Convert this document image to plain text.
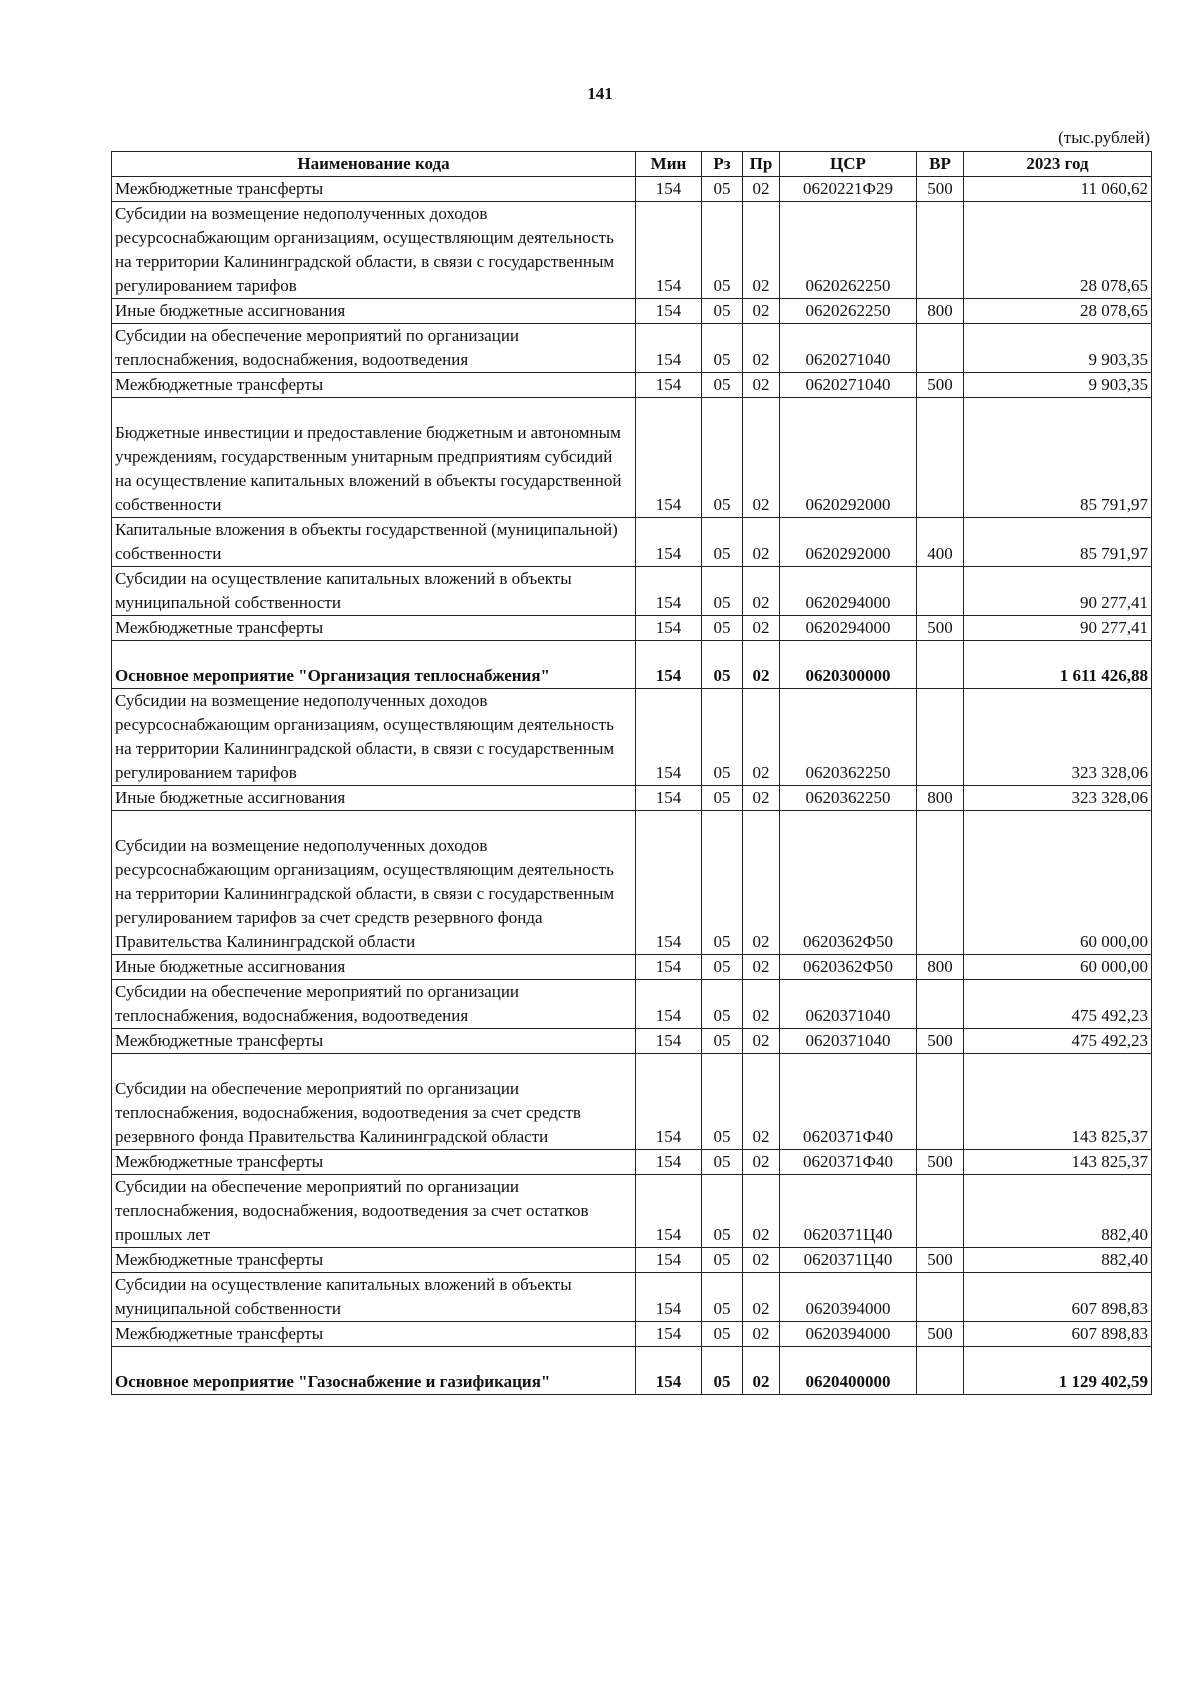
141
(тыс.рублей)
Наименование кода	Мин	Рз	Пр	ЦСР	ВР	2023 год
Межбюджетные трансферты	154	05	02	0620221Ф29	500	11 060,62
Субсидии на возмещение недополученных доходов ресурсоснабжающим организациям, осуществляющим деятельность на территории Калининградской области, в связи с государственным регулированием тарифов	154	05	02	0620262250		28 078,65
Иные бюджетные ассигнования	154	05	02	0620262250	800	28 078,65
Субсидии на обеспечение мероприятий по организации теплоснабжения, водоснабжения, водоотведения	154	05	02	0620271040		9 903,35
Межбюджетные трансферты	154	05	02	0620271040	500	9 903,35
Бюджетные инвестиции и предоставление бюджетным и автономным учреждениям, государственным унитарным предприятиям субсидий на осуществление капитальных вложений в объекты государственной собственности	154	05	02	0620292000		85 791,97
Капитальные вложения в объекты государственной (муниципальной) собственности	154	05	02	0620292000	400	85 791,97
Субсидии на осуществление капитальных вложений в объекты муниципальной собственности	154	05	02	0620294000		90 277,41
Межбюджетные трансферты	154	05	02	0620294000	500	90 277,41
Основное мероприятие "Организация теплоснабжения"	154	05	02	0620300000		1 611 426,88
Субсидии на возмещение недополученных доходов ресурсоснабжающим организациям, осуществляющим деятельность на территории Калининградской области, в связи с государственным регулированием тарифов	154	05	02	0620362250		323 328,06
Иные бюджетные ассигнования	154	05	02	0620362250	800	323 328,06
Субсидии на возмещение недополученных доходов ресурсоснабжающим организациям, осуществляющим деятельность на территории Калининградской области, в связи с государственным регулированием тарифов за счет средств резервного фонда Правительства Калининградской области	154	05	02	0620362Ф50		60 000,00
Иные бюджетные ассигнования	154	05	02	0620362Ф50	800	60 000,00
Субсидии на обеспечение мероприятий по организации теплоснабжения, водоснабжения, водоотведения	154	05	02	0620371040		475 492,23
Межбюджетные трансферты	154	05	02	0620371040	500	475 492,23
Субсидии на обеспечение мероприятий по организации теплоснабжения, водоснабжения, водоотведения за счет средств резервного фонда Правительства Калининградской области	154	05	02	0620371Ф40		143 825,37
Межбюджетные трансферты	154	05	02	0620371Ф40	500	143 825,37
Субсидии на обеспечение мероприятий по организации теплоснабжения, водоснабжения, водоотведения за счет остатков прошлых лет	154	05	02	0620371Ц40		882,40
Межбюджетные трансферты	154	05	02	0620371Ц40	500	882,40
Субсидии на осуществление капитальных вложений в объекты муниципальной собственности	154	05	02	0620394000		607 898,83
Межбюджетные трансферты	154	05	02	0620394000	500	607 898,83
Основное мероприятие "Газоснабжение и газификация"	154	05	02	0620400000		1 129 402,59
